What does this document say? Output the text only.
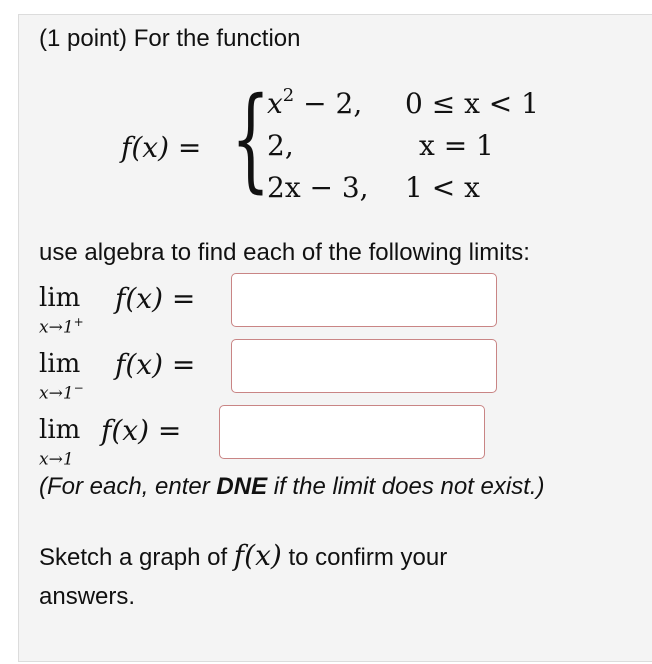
(1 point) For the function
f(x) = {
$x^2 - 2$, 0 ≤ x < 1
2,	x = 1
2x − 3, 1 < x
use algebra to find each of the following limits:
lim
x→1+
f(x) =
lim
x→1−
f(x) =
lim
x→1
f(x) =
(For each, enter DNE if the limit does not exist.)
Sketch a graph of f(x) to confirm your
answers.
